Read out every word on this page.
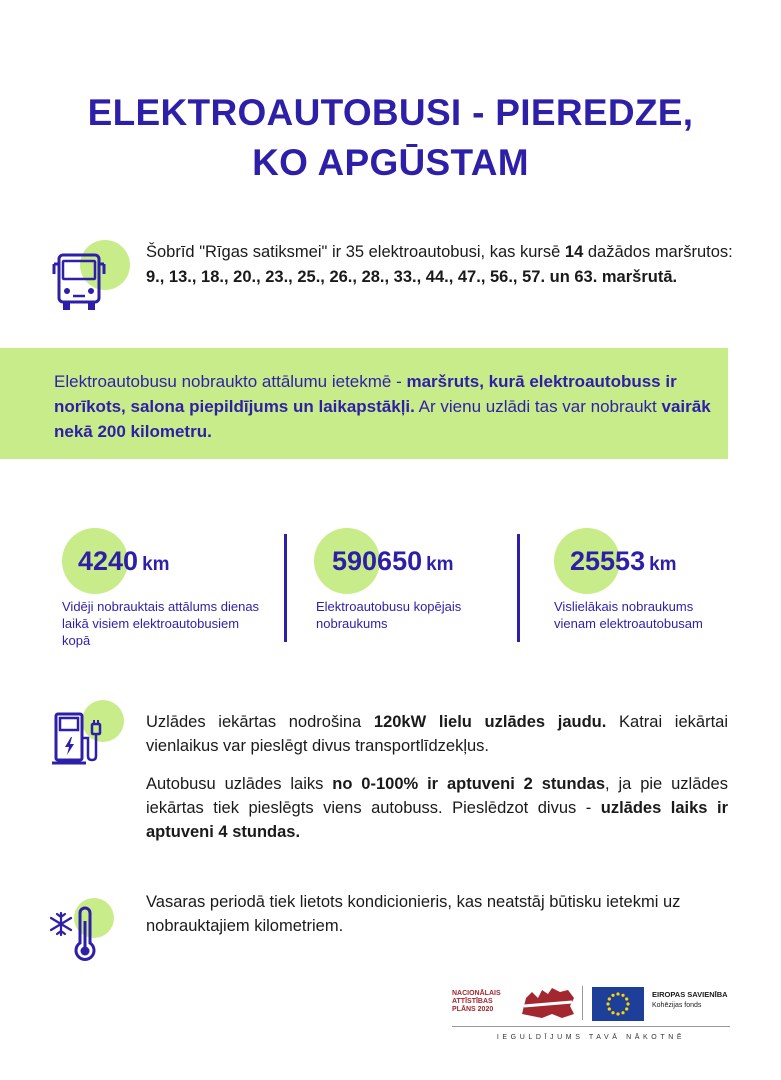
ELEKTROAUTOBUSI - PIEREDZE,
KO APGŪSTAM

Šobrīd "Rīgas satiksmei" ir 35 elektroautobusi, kas kursē 14 dažādos maršrutos: 9., 13., 18., 20., 23., 25., 26., 28., 33., 44., 47., 56., 57. un 63. maršrutā.

Elektroautobusu nobraukto attālumu ietekmē - maršruts, kurā elektroautobuss ir norīkots, salona piepildījums un laikapstākļi. Ar vienu uzlādi tas var nobraukt vairāk nekā 200 kilometru.

4240 km

Vidēji nobrauktais attālums dienas laikā visiem elektroautobusiem kopā

590650 km

Elektroautobusu kopējais nobraukums

25553 km

Vislielākais nobraukums vienam elektroautobusam

Uzlādes iekārtas nodrošina 120kW lielu uzlādes jaudu. Katrai iekārtai vienlaikus var pieslēgt divus transportlīdzekļus.

Autobusu uzlādes laiks no 0-100% ir aptuveni 2 stundas, ja pie uzlādes iekārtas tiek pieslēgts viens autobuss. Pieslēdzot divus - uzlādes laiks ir aptuveni 4 stundas.

Vasaras periodā tiek lietots kondicionieris, kas neatstāj būtisku ietekmi uz nobrauktajiem kilometriem.

NACIONĀLAIS
ATTĪSTĪBAS
PLĀNS 2020
EIROPAS SAVIENĪBA
Kohēzijas fonds
IEGULDĪJUMS TAVĀ NĀKOTNĒ
